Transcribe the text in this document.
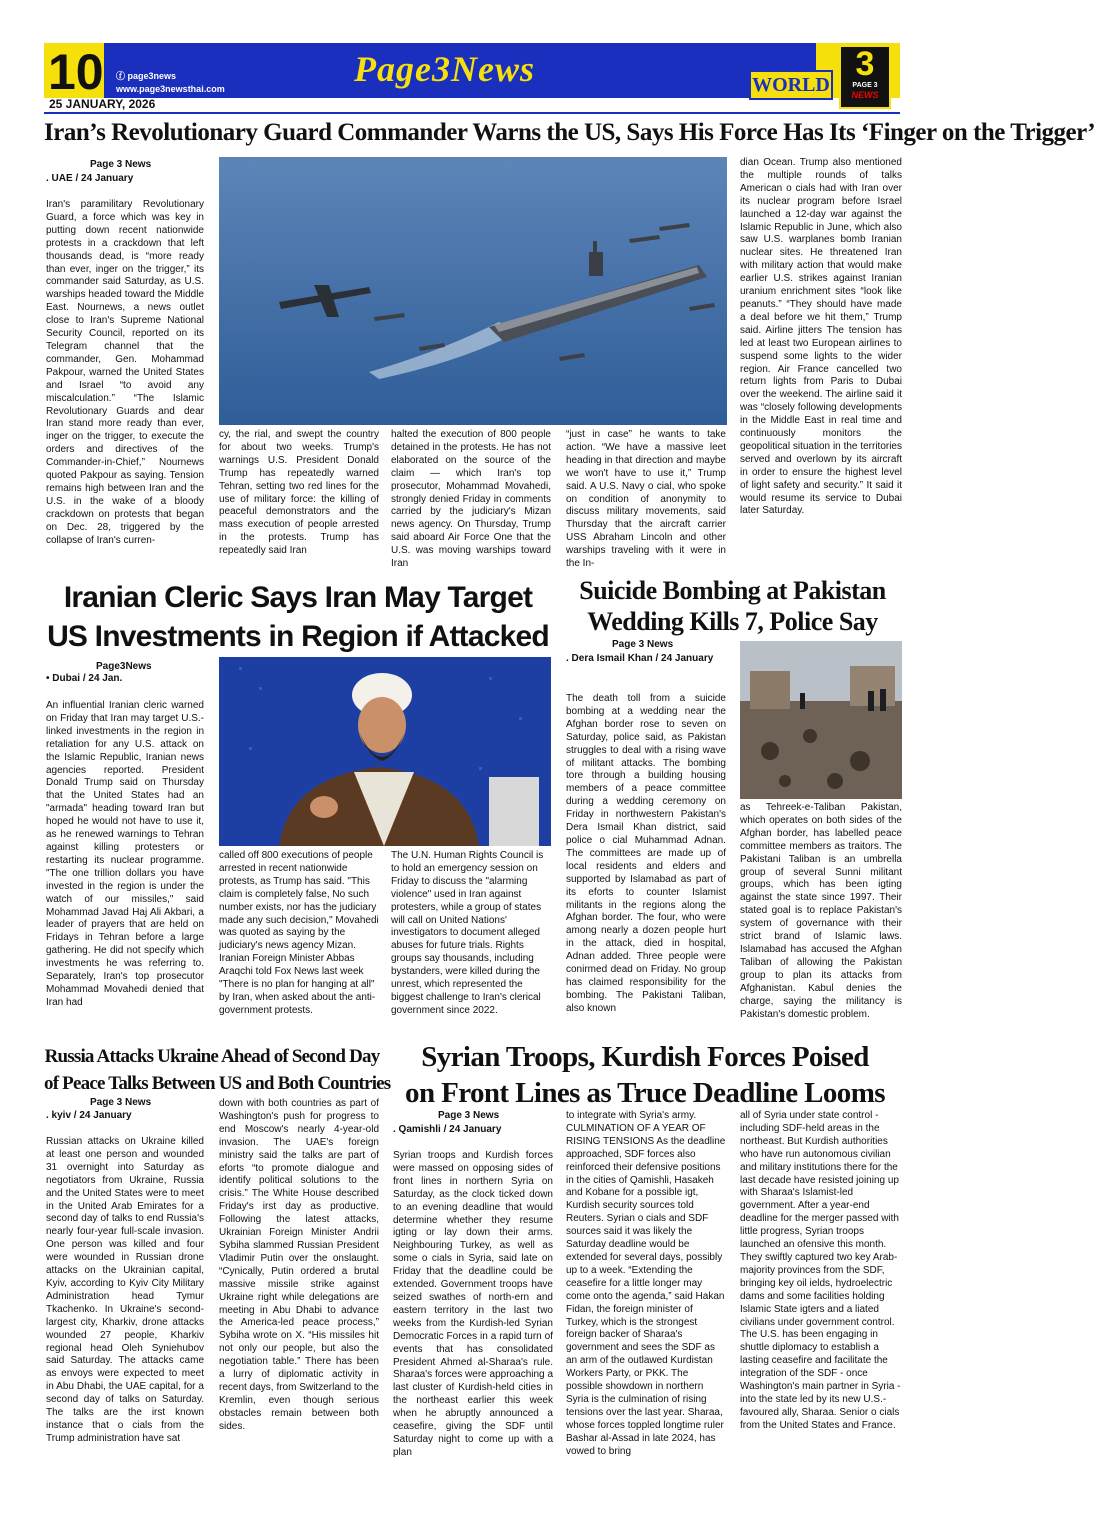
10 ⓕ page3news
www.page3newsthai.com	Page3News	WORLD
3
PAGE 3
NEWS
25 JANUARY, 2026
Iran’s Revolutionary Guard Commander Warns the US, Says His Force Has Its ‘Finger on the Trigger’
Page 3 News
. UAE / 24 January
Iran's paramilitary Revolutionary Guard, a force which was key in putting down recent nationwide protests in a crackdown that left thousands dead, is “more ready than ever, inger on the trigger,” its commander said Saturday, as U.S. warships headed toward the Middle East. Nournews, a news outlet close to Iran's Supreme National Security Council, reported on its Telegram channel that the commander, Gen. Mohammad Pakpour, warned the United States and Israel “to avoid any miscalculation.” “The Islamic Revolutionary Guards and dear Iran stand more ready than ever, inger on the trigger, to execute the orders and directives of the Commander-in-Chief,” Nournews quoted Pakpour as saying. Tension remains high between Iran and the U.S. in the wake of a bloody crackdown on protests that began on Dec. 28, triggered by the collapse of Iran's curren-
cy, the rial, and swept the country for about two weeks. Trump's warnings U.S. President Donald Trump has repeatedly warned Tehran, setting two red lines for the use of military force: the killing of peaceful demonstrators and the mass execution of people arrested in the protests. Trump has repeatedly said Iran
halted the execution of 800 people detained in the protests. He has not elaborated on the source of the claim — which Iran's top prosecutor, Mohammad Movahedi, strongly denied Friday in comments carried by the judiciary's Mizan news agency. On Thursday, Trump said aboard Air Force One that the U.S. was moving warships toward Iran
“just in case” he wants to take action. “We have a massive leet heading in that direction and maybe we won't have to use it,” Trump said. A U.S. Navy o cial, who spoke on condition of anonymity to discuss military movements, said Thursday that the aircraft carrier USS Abraham Lincoln and other warships traveling with it were in the In-
dian Ocean. Trump also mentioned the multiple rounds of talks American o cials had with Iran over its nuclear program before Israel launched a 12-day war against the Islamic Republic in June, which also saw U.S. warplanes bomb Iranian nuclear sites. He threatened Iran with military action that would make earlier U.S. strikes against Iranian uranium enrichment sites “look like peanuts.” “They should have made a deal before we hit them,” Trump said. Airline jitters The tension has led at least two European airlines to suspend some lights to the wider region. Air France cancelled two return lights from Paris to Dubai over the weekend. The airline said it was “closely following developments in the Middle East in real time and continuously monitors the geopolitical situation in the territories served and overlown by its aircraft in order to ensure the highest level of light safety and security.” It said it would resume its service to Dubai later Saturday.
Iranian Cleric Says Iran May Target
US Investments in Region if Attacked
Page3News
• Dubai / 24 Jan.
An influential Iranian cleric warned on Friday that Iran may target U.S.-linked investments in the region in retaliation for any U.S. attack on the Islamic Republic, Iranian news agencies reported. President Donald Trump said on Thursday that the United States had an "armada" heading toward Iran but hoped he would not have to use it, as he renewed warnings to Tehran against killing protesters or restarting its nuclear programme. "The one trillion dollars you have invested in the region is under the watch of our missiles," said Mohammad Javad Haj Ali Akbari, a leader of prayers that are held on Fridays in Tehran before a large gathering. He did not specify which investments he was referring to. Separately, Iran's top prosecutor Mohammad Movahedi denied that Iran had
called off 800 executions of people arrested in recent nationwide protests, as Trump has said. "This claim is completely false, No such number exists, nor has the judiciary made any such decision," Movahedi was quoted as saying by the judiciary's news agency Mizan. Iranian Foreign Minister Abbas Araqchi told Fox News last week "There is no plan for hanging at all" by Iran, when asked about the anti-government protests.
The U.N. Human Rights Council is to hold an emergency session on Friday to discuss the "alarming violence" used in Iran against protesters, while a group of states will call on United Nations' investigators to document alleged abuses for future trials. Rights groups say thousands, including bystanders, were killed during the unrest, which represented the biggest challenge to Iran's clerical government since 2022.
Suicide Bombing at Pakistan
Wedding Kills 7, Police Say
Page 3 News
. Dera Ismail Khan / 24 January
The death toll from a suicide bombing at a wedding near the Afghan border rose to seven on Saturday, police said, as Pakistan struggles to deal with a rising wave of militant attacks. The bombing tore through a building housing members of a peace committee during a wedding ceremony on Friday in northwestern Pakistan's Dera Ismail Khan district, said police o cial Muhammad Adnan. The committees are made up of local residents and elders and supported by Islamabad as part of its eforts to counter Islamist militants in the regions along the Afghan border. The four, who were among nearly a dozen people hurt in the attack, died in hospital, Adnan added. Three people were conirmed dead on Friday. No group has claimed responsibility for the bombing. The Pakistani Taliban, also known
as Tehreek-e-Taliban Pakistan, which operates on both sides of the Afghan border, has labelled peace committee members as traitors. The Pakistani Taliban is an umbrella group of several Sunni militant groups, which has been igting against the state since 1997. Their stated goal is to replace Pakistan's system of governance with their strict brand of Islamic laws. Islamabad has accused the Afghan Taliban of allowing the Pakistan group to plan its attacks from Afghanistan. Kabul denies the charge, saying the militancy is Pakistan's domestic problem.
Russia Attacks Ukraine Ahead of Second Day
of Peace Talks Between US and Both Countries
Page 3 News
. kyiv / 24 January
Russian attacks on Ukraine killed at least one person and wounded 31 overnight into Saturday as negotiators from Ukraine, Russia and the United States were to meet in the United Arab Emirates for a second day of talks to end Russia's nearly four-year full-scale invasion. One person was killed and four were wounded in Russian drone attacks on the Ukrainian capital, Kyiv, according to Kyiv City Military Administration head Tymur Tkachenko. In Ukraine's second-largest city, Kharkiv, drone attacks wounded 27 people, Kharkiv regional head Oleh Syniehubov said Saturday. The attacks came as envoys were expected to meet in Abu Dhabi, the UAE capital, for a second day of talks on Saturday. The talks are the irst known instance that o cials from the Trump administration have sat
down with both countries as part of Washington's push for progress to end Moscow's nearly 4-year-old invasion. The UAE's foreign ministry said the talks are part of eforts “to promote dialogue and identify political solutions to the crisis.” The White House described Friday's irst day as productive. Following the latest attacks, Ukrainian Foreign Minister Andrii Sybiha slammed Russian President Vladimir Putin over the onslaught. “Cynically, Putin ordered a brutal massive missile strike against Ukraine right while delegations are meeting in Abu Dhabi to advance the America-led peace process,” Sybiha wrote on X. “His missiles hit not only our people, but also the negotiation table.” There has been a lurry of diplomatic activity in recent days, from Switzerland to the Kremlin, even though serious obstacles remain between both sides.
Syrian Troops, Kurdish Forces Poised
on Front Lines as Truce Deadline Looms
Page 3 News
. Qamishli / 24 January
Syrian troops and Kurdish forces were massed on opposing sides of front lines in northern Syria on Saturday, as the clock ticked down to an evening deadline that would determine whether they resume igting or lay down their arms. Neighbouring Turkey, as well as some o cials in Syria, said late on Friday that the deadline could be extended. Government troops have seized swathes of north-ern and eastern territory in the last two weeks from the Kurdish-led Syrian Democratic Forces in a rapid turn of events that has consolidated President Ahmed al-Sharaa's rule. Sharaa's forces were approaching a last cluster of Kurdish-held cities in the northeast earlier this week when he abruptly announced a ceasefire, giving the SDF until Saturday night to come up with a plan
to integrate with Syria's army. CULMINATION OF A YEAR OF RISING TENSIONS As the deadline approached, SDF forces also reinforced their defensive positions in the cities of Qamishli, Hasakeh and Kobane for a possible igt, Kurdish security sources told Reuters. Syrian o cials and SDF sources said it was likely the Saturday deadline would be extended for several days, possibly up to a week. “Extending the ceasefire for a little longer may come onto the agenda,” said Hakan Fidan, the foreign minister of Turkey, which is the strongest foreign backer of Sharaa's government and sees the SDF as an arm of the outlawed Kurdistan Workers Party, or PKK. The possible showdown in northern Syria is the culmination of rising tensions over the last year. Sharaa, whose forces toppled longtime ruler Bashar al-Assad in late 2024, has vowed to bring
all of Syria under state control - including SDF-held areas in the northeast. But Kurdish authorities who have run autonomous civilian and military institutions there for the last decade have resisted joining up with Sharaa's Islamist-led government. After a year-end deadline for the merger passed with little progress, Syrian troops launched an ofensive this month. They swiftly captured two key Arab-majority provinces from the SDF, bringing key oil ields, hydroelectric dams and some facilities holding Islamic State igters and a liated civilians under government control. The U.S. has been engaging in shuttle diplomacy to establish a lasting ceasefire and facilitate the integration of the SDF - once Washington's main partner in Syria - into the state led by its new U.S.-favoured ally, Sharaa. Senior o cials from the United States and France.
